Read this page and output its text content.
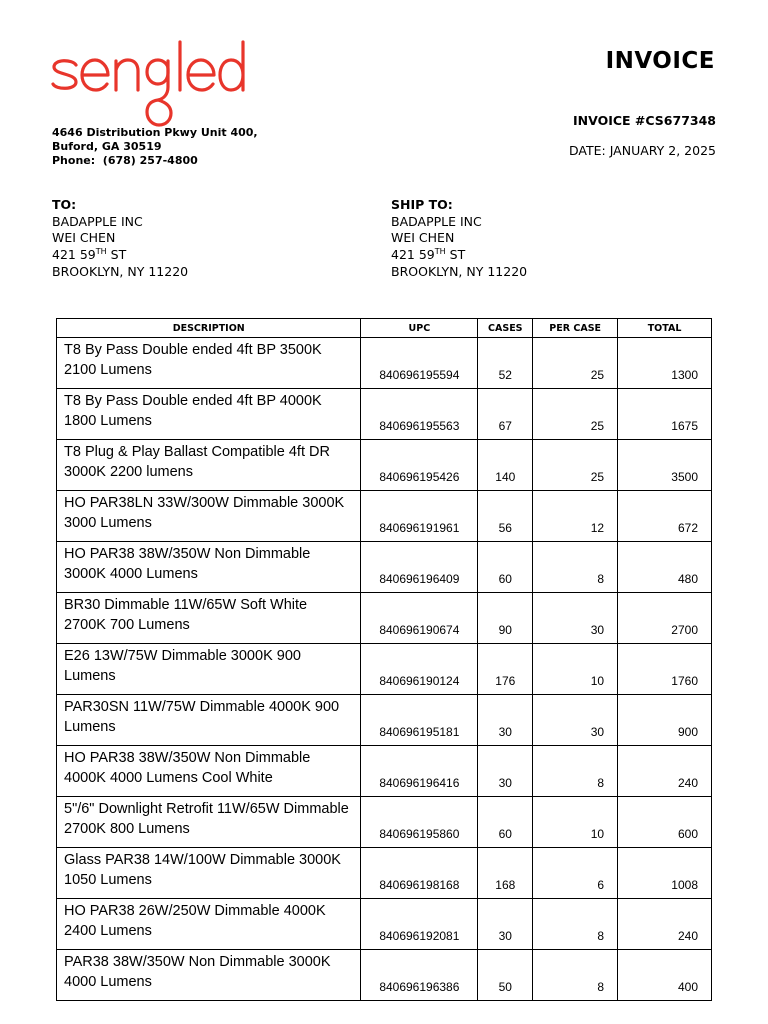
INVOICE
4646 Distribution Pkwy Unit 400,
Buford, GA 30519
Phone:  (678) 257-4800
INVOICE #CS677348
DATE: JANUARY 2, 2025
TO:
BADAPPLE INC
WEI CHEN
421 59TH ST
BROOKLYN, NY 11220
SHIP TO:
BADAPPLE INC
WEI CHEN
421 59TH ST
BROOKLYN, NY 11220
DESCRIPTION	UPC	CASES	PER CASE	TOTAL
T8 By Pass Double ended 4ft BP 3500K 2100 Lumens	840696195594	52	25	1300
T8 By Pass Double ended 4ft BP 4000K 1800 Lumens	840696195563	67	25	1675
T8 Plug & Play Ballast Compatible 4ft DR 3000K 2200 lumens	840696195426	140	25	3500
HO PAR38LN 33W/300W Dimmable 3000K 3000 Lumens	840696191961	56	12	672
HO PAR38 38W/350W Non Dimmable 3000K 4000 Lumens	840696196409	60	8	480
BR30 Dimmable 11W/65W Soft White 2700K 700 Lumens	840696190674	90	30	2700
E26 13W/75W Dimmable 3000K 900 Lumens	840696190124	176	10	1760
PAR30SN 11W/75W Dimmable 4000K 900 Lumens	840696195181	30	30	900
HO PAR38 38W/350W Non Dimmable 4000K 4000 Lumens Cool White	840696196416	30	8	240
5"/6" Downlight Retrofit 11W/65W Dimmable 2700K 800 Lumens	840696195860	60	10	600
Glass PAR38 14W/100W Dimmable 3000K 1050 Lumens	840696198168	168	6	1008
HO PAR38 26W/250W Dimmable 4000K 2400 Lumens	840696192081	30	8	240
PAR38 38W/350W Non Dimmable 3000K 4000 Lumens	840696196386	50	8	400
